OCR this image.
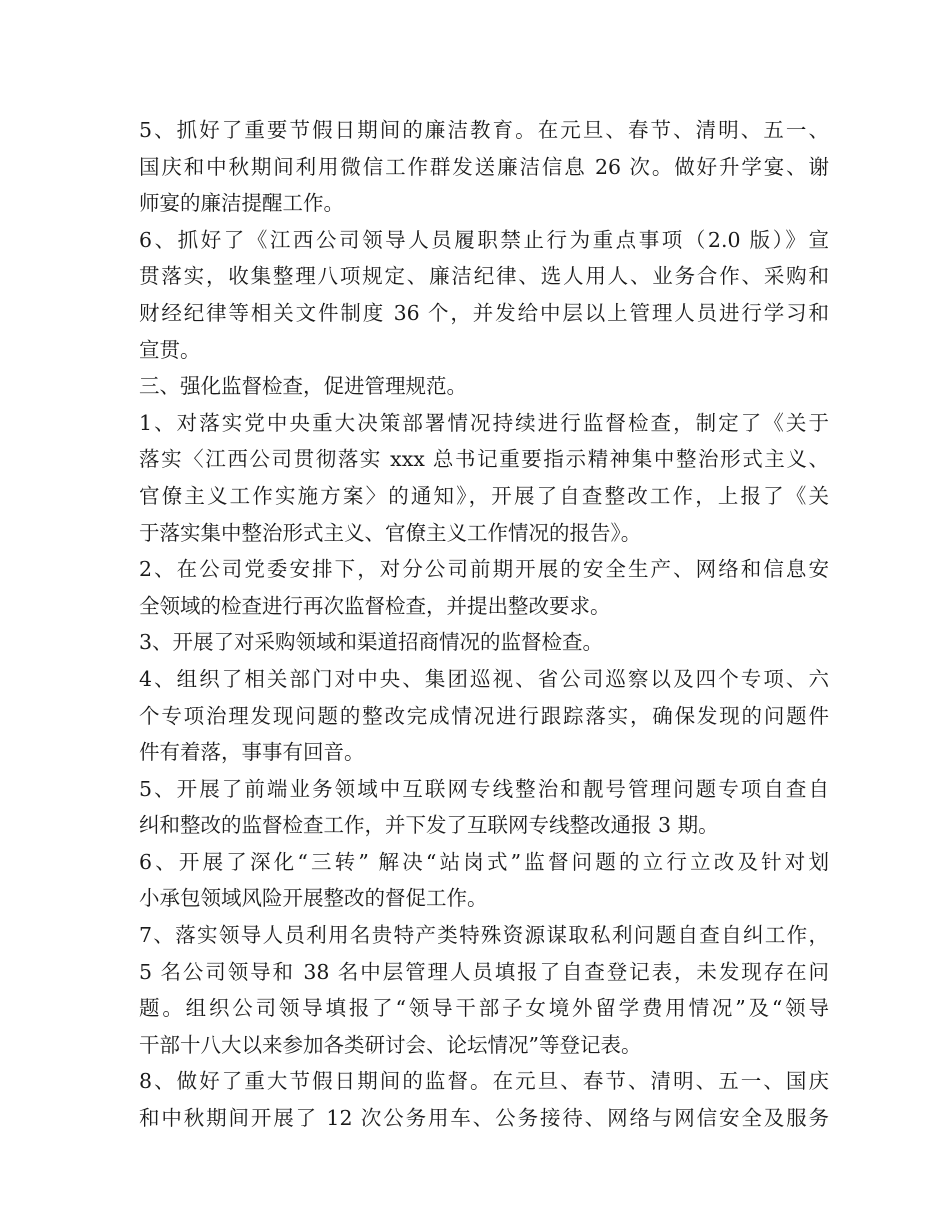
5、抓好了重要节假日期间的廉洁教育。在元旦、春节、清明、五一、
国庆和中秋期间利用微信工作群发送廉洁信息 26 次。做好升学宴、谢
师宴的廉洁提醒工作。
6、抓好了《江西公司领导人员履职禁止行为重点事项（2.0 版）》宣
贯落实，收集整理八项规定、廉洁纪律、选人用人、业务合作、采购和
财经纪律等相关文件制度 36 个，并发给中层以上管理人员进行学习和
宣贯。
三、强化监督检查，促进管理规范。
1、对落实党中央重大决策部署情况持续进行监督检查，制定了《关于
落实〈江西公司贯彻落实 xxx 总书记重要指示精神集中整治形式主义、
官僚主义工作实施方案〉的通知》，开展了自查整改工作，上报了《关
于落实集中整治形式主义、官僚主义工作情况的报告》。
2、在公司党委安排下，对分公司前期开展的安全生产、网络和信息安
全领域的检查进行再次监督检查，并提出整改要求。
3、开展了对采购领域和渠道招商情况的监督检查。
4、组织了相关部门对中央、集团巡视、省公司巡察以及四个专项、六
个专项治理发现问题的整改完成情况进行跟踪落实，确保发现的问题件
件有着落，事事有回音。
5、开展了前端业务领域中互联网专线整治和靓号管理问题专项自查自
纠和整改的监督检查工作，并下发了互联网专线整改通报 3 期。
6、开展了深化“三转” 解决“站岗式”监督问题的立行立改及针对划
小承包领域风险开展整改的督促工作。
7、落实领导人员利用名贵特产类特殊资源谋取私利问题自查自纠工作，
5 名公司领导和 38 名中层管理人员填报了自查登记表，未发现存在问
题。组织公司领导填报了“领导干部子女境外留学费用情况”及“领导
干部十八大以来参加各类研讨会、论坛情况”等登记表。
8、做好了重大节假日期间的监督。在元旦、春节、清明、五一、国庆
和中秋期间开展了 12 次公务用车、公务接待、网络与网信安全及服务
